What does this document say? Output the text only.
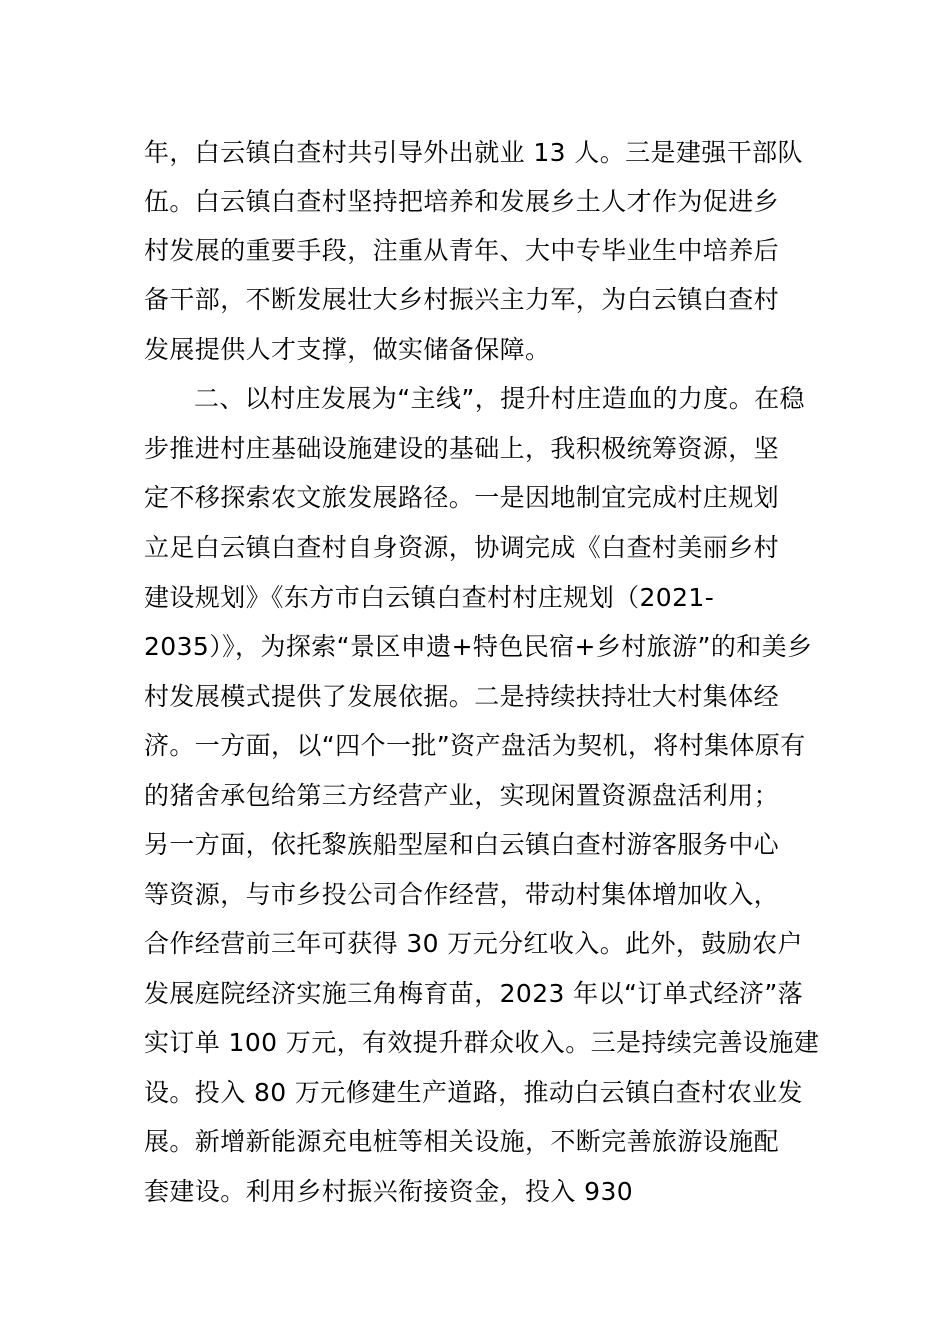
年，白云镇白查村共引导外出就业 13 人。三是建强干部队
伍。白云镇白查村坚持把培养和发展乡土人才作为促进乡
村发展的重要手段，注重从青年、大中专毕业生中培养后
备干部，不断发展壮大乡村振兴主力军，为白云镇白查村
发展提供人才支撑，做实储备保障。
二、以村庄发展为“主线”，提升村庄造血的力度。在稳
步推进村庄基础设施建设的基础上，我积极统筹资源，坚
定不移探索农文旅发展路径。一是因地制宜完成村庄规划
立足白云镇白查村自身资源，协调完成《白查村美丽乡村
建设规划》《东方市白云镇白查村村庄规划（2021-
2035）》，为探索“景区申遗+特色民宿+乡村旅游”的和美乡
村发展模式提供了发展依据。二是持续扶持壮大村集体经
济。一方面，以“四个一批”资产盘活为契机，将村集体原有
的猪舍承包给第三方经营产业，实现闲置资源盘活利用；
另一方面，依托黎族船型屋和白云镇白查村游客服务中心
等资源，与市乡投公司合作经营，带动村集体增加收入，
合作经营前三年可获得 30 万元分红收入。此外，鼓励农户
发展庭院经济实施三角梅育苗，2023 年以“订单式经济”落
实订单 100 万元，有效提升群众收入。三是持续完善设施建
设。投入 80 万元修建生产道路，推动白云镇白查村农业发
展。新增新能源充电桩等相关设施，不断完善旅游设施配
套建设。利用乡村振兴衔接资金，投入 930
